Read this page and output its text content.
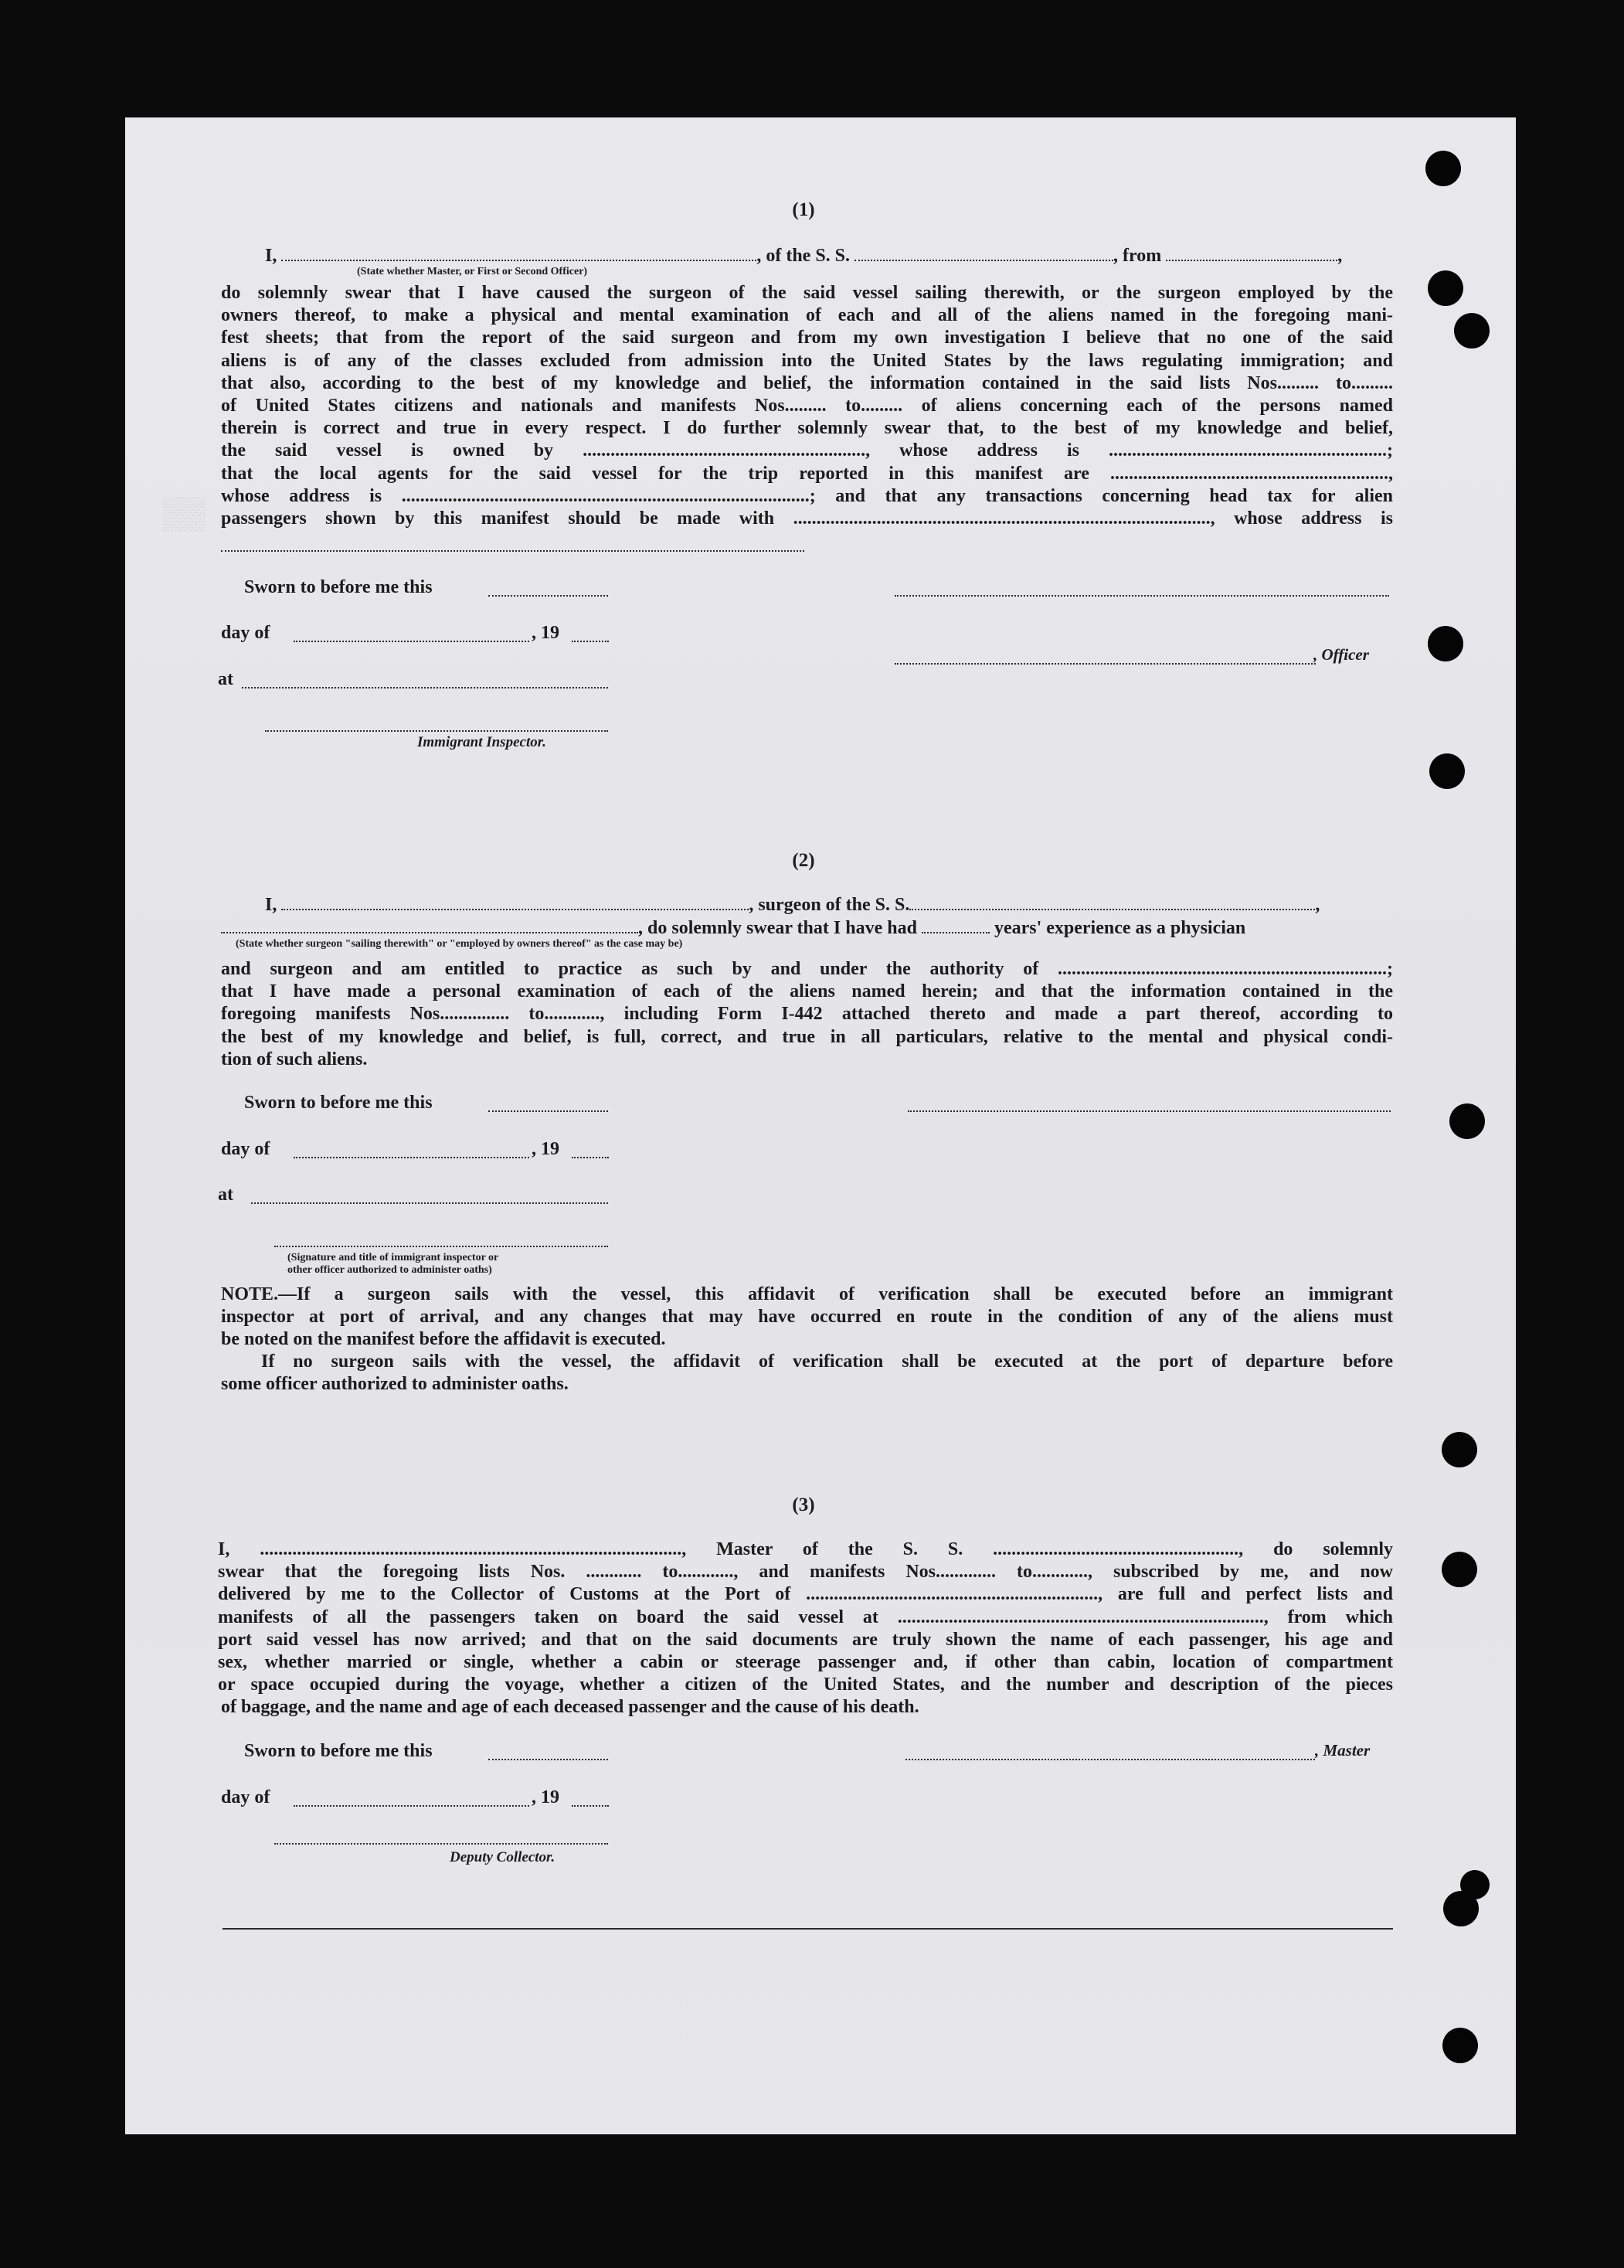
▒▒
(1)
I,	, of the S. S.	, from	,
(State whether Master, or First or Second Officer)
do solemnly swear that I have caused the surgeon of the said vessel sailing therewith, or the surgeon employed by the
owners thereof, to make a physical and mental examination of each and all of the aliens named in the foregoing mani-
fest sheets; that from the report of the said surgeon and from my own investigation I believe that no one of the said
aliens is of any of the classes excluded from admission into the United States by the laws regulating immigration; and
that also, according to the best of my knowledge and belief, the information contained in the said lists Nos......... to.........
of United States citizens and nationals and manifests Nos......... to......... of aliens concerning each of the persons named
therein is correct and true in every respect. I do further solemnly swear that, to the best of my knowledge and belief,
the said vessel is owned by ............................................................., whose address is ............................................................;
that the local agents for the said vessel for the trip reported in this manifest are ............................................................,
whose address is ........................................................................................; and that any transactions concerning head tax for alien
passengers shown by this manifest should be made with .........................................................................................., whose address is
Sworn to before me this
day of	, 19
, Officer
at
Immigrant Inspector.
(2)
I,	, surgeon of the S. S.	,
, do solemnly swear that I have had	years' experience as a physician
(State whether surgeon "sailing therewith" or "employed by owners thereof" as the case may be)
and surgeon and am entitled to practice as such by and under the authority of .......................................................................;
that I have made a personal examination of each of the aliens named herein; and that the information contained in the
foregoing manifests Nos............... to............, including Form I-442 attached thereto and made a part thereof, according to
the best of my knowledge and belief, is full, correct, and true in all particulars, relative to the mental and physical condi-
tion of such aliens.
Sworn to before me this
day of	, 19
at
(Signature and title of immigrant inspector or
other officer authorized to administer oaths)
NOTE.—If a surgeon sails with the vessel, this affidavit of verification shall be executed before an immigrant
inspector at port of arrival, and any changes that may have occurred en route in the condition of any of the aliens must
be noted on the manifest before the affidavit is executed.
If no surgeon sails with the vessel, the affidavit of verification shall be executed at the port of departure before
some officer authorized to administer oaths.
(3)
I, ..........................................................................................., Master of the S. S. ....................................................., do solemnly
swear that the foregoing lists Nos. ............ to............, and manifests Nos............. to............, subscribed by me, and now
delivered by me to the Collector of Customs at the Port of ..............................................................., are full and perfect lists and
manifests of all the passengers taken on board the said vessel at ..............................................................................., from which
port said vessel has now arrived; and that on the said documents are truly shown the name of each passenger, his age and
sex, whether married or single, whether a cabin or steerage passenger and, if other than cabin, location of compartment
or space occupied during the voyage, whether a citizen of the United States, and the number and description of the pieces
of baggage, and the name and age of each deceased passenger and the cause of his death.
Sworn to before me this	, Master
day of	, 19
Deputy Collector.
